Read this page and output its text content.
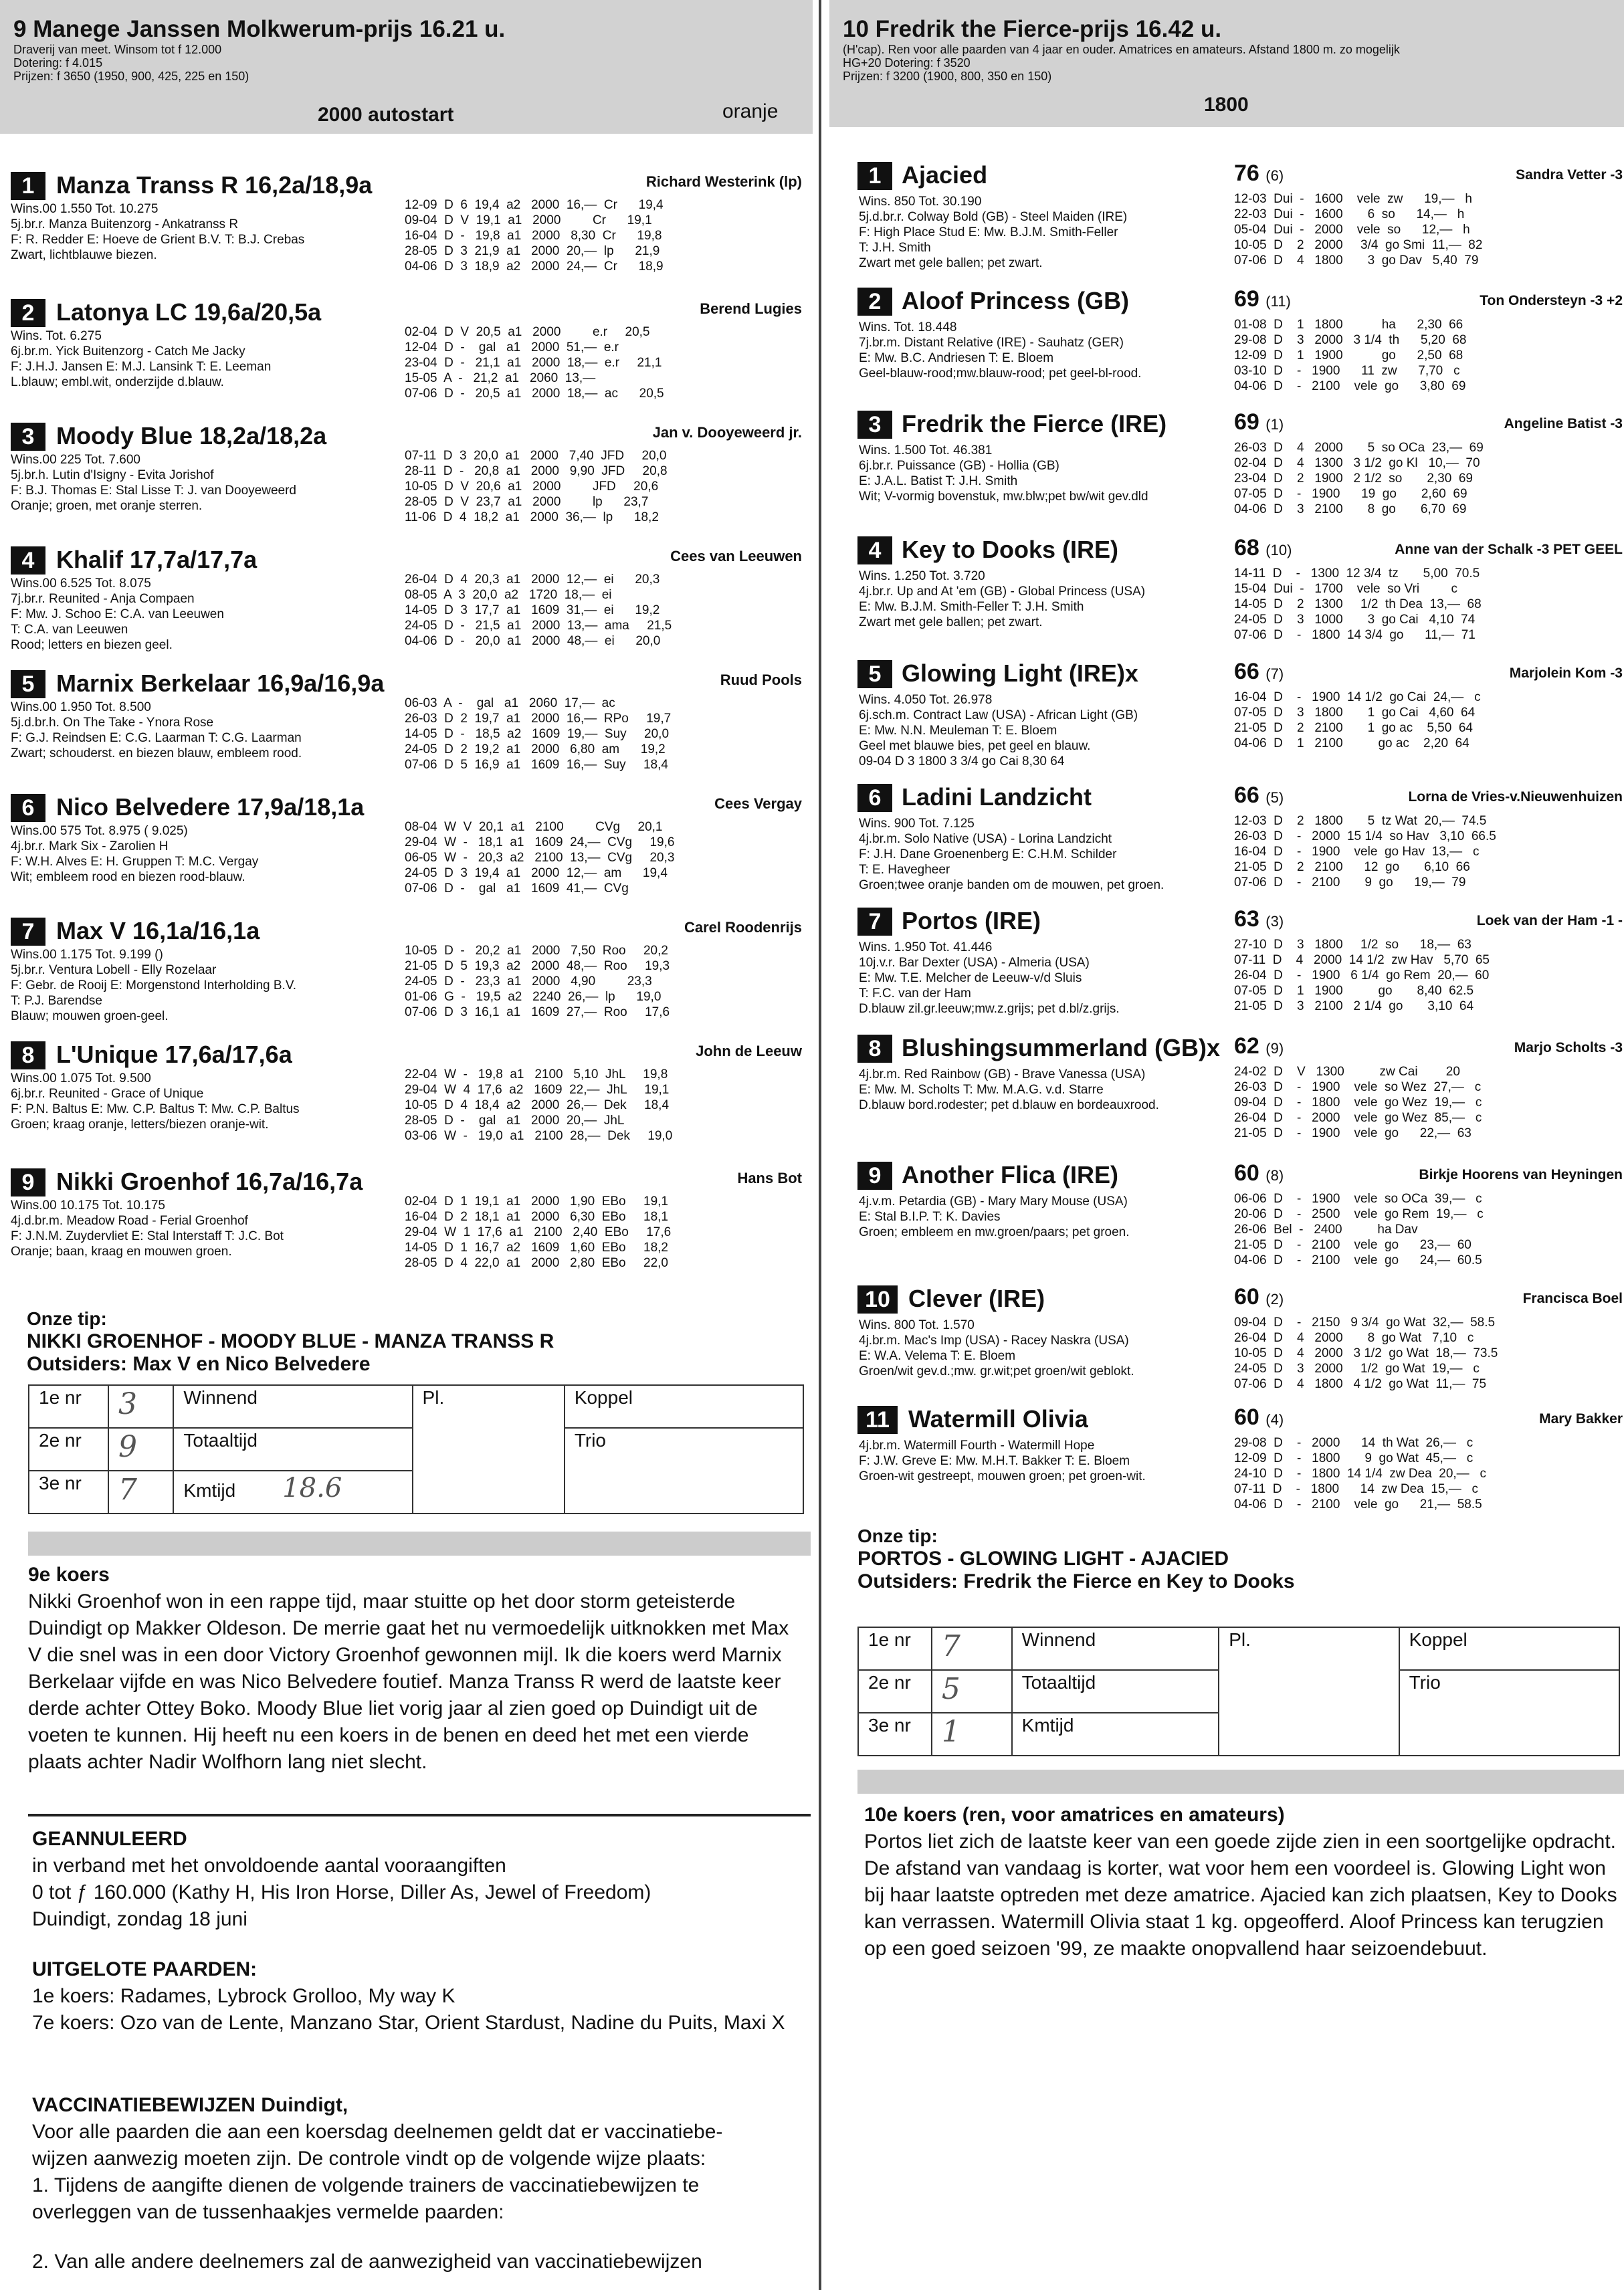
9 Manege Janssen Molkwerum-prijs 16.21 u.
Draverij van meet. Winsom tot f 12.000
Dotering: f 4.015
Prijzen: f 3650 (1950, 900, 425, 225 en 150)
2000 autostart	oranje
1 Manza Transs R 16,2a/18,9a	Richard Westerink (lp)
Wins.00 1.550 Tot. 10.275
5j.br.r. Manza Buitenzorg - Ankatranss R
F: R. Redder E: Hoeve de Grient B.V. T: B.J. Crebas
Zwart, lichtblauwe biezen.
12-09  D  6  19,4  a2   2000  16,—  Cr      19,4
09-04  D  V  19,1  a1   2000         Cr      19,1
16-04  D  -   19,8  a1   2000   8,30  Cr      19,8
28-05  D  3  21,9  a1   2000  20,—  lp      21,9
04-06  D  3  18,9  a2   2000  24,—  Cr      18,9
2 Latonya LC 19,6a/20,5a	Berend Lugies
Wins. Tot. 6.275
6j.br.m. Yick Buitenzorg - Catch Me Jacky
F: J.H.J. Jansen E: M.J. Lansink T: E. Leeman
L.blauw; embl.wit, onderzijde d.blauw.
02-04  D  V  20,5  a1   2000         e.r     20,5
12-04  D  -    gal   a1   2000  51,—  e.r
23-04  D  -   21,1  a1   2000  18,—  e.r     21,1
15-05  A  -   21,2  a1   2060  13,—
07-06  D  -   20,5  a1   2000  18,—  ac      20,5
3 Moody Blue 18,2a/18,2a	Jan v. Dooyeweerd jr.
Wins.00 225 Tot. 7.600
5j.br.h. Lutin d'Isigny - Evita Jorishof
F: B.J. Thomas E: Stal Lisse T: J. van Dooyeweerd
Oranje; groen, met oranje sterren.
07-11  D  3  20,0  a1   2000   7,40  JFD     20,0
28-11  D  -   20,8  a1   2000   9,90  JFD     20,8
10-05  D  V  20,6  a1   2000         JFD     20,6
28-05  D  V  23,7  a1   2000         lp      23,7
11-06  D  4  18,2  a1   2000  36,—  lp      18,2
4 Khalif 17,7a/17,7a	Cees van Leeuwen
Wins.00 6.525 Tot. 8.075
7j.br.r. Reunited - Anja Compaen
F: Mw. J. Schoo E: C.A. van Leeuwen
T: C.A. van Leeuwen
Rood; letters en biezen geel.
26-04  D  4  20,3  a1   2000  12,—  ei      20,3
08-05  A  3  20,0  a2   1720  18,—  ei
14-05  D  3  17,7  a1   1609  31,—  ei      19,2
24-05  D  -   21,5  a1   2000  13,—  ama     21,5
04-06  D  -   20,0  a1   2000  48,—  ei      20,0
5 Marnix Berkelaar 16,9a/16,9a	Ruud Pools
Wins.00 1.950 Tot. 8.500
5j.d.br.h. On The Take - Ynora Rose
F: G.J. Reindsen E: C.G. Laarman T: C.G. Laarman
Zwart; schouderst. en biezen blauw, embleem rood.
06-03  A  -    gal   a1   2060  17,—  ac
26-03  D  2  19,7  a1   2000  16,—  RPo     19,7
14-05  D  -   18,5  a2   1609  19,—  Suy     20,0
24-05  D  2  19,2  a1   2000   6,80  am      19,2
07-06  D  5  16,9  a1   1609  16,—  Suy     18,4
6 Nico Belvedere 17,9a/18,1a	Cees Vergay
Wins.00 575 Tot. 8.975 ( 9.025)
4j.br.r. Mark Six - Zarolien H
F: W.H. Alves E: H. Gruppen T: M.C. Vergay
Wit; embleem rood en biezen rood-blauw.
08-04  W  V  20,1  a1   2100         CVg     20,1
29-04  W  -   18,1  a1   1609  24,—  CVg     19,6
06-05  W  -   20,3  a2   2100  13,—  CVg     20,3
24-05  D  3  19,4  a1   2000  12,—  am      19,4
07-06  D  -    gal   a1   1609  41,—  CVg
7 Max V 16,1a/16,1a	Carel Roodenrijs
Wins.00 1.175 Tot. 9.199 ()
5j.br.r. Ventura Lobell - Elly Rozelaar
F: Gebr. de Rooij E: Morgenstond Interholding B.V.
T: P.J. Barendse
Blauw; mouwen groen-geel.
10-05  D  -   20,2  a1   2000   7,50  Roo     20,2
21-05  D  5  19,3  a2   2000  48,—  Roo     19,3
24-05  D  -   23,3  a1   2000   4,90         23,3
01-06  G  -   19,5  a2   2240  26,—  lp      19,0
07-06  D  3  16,1  a1   1609  27,—  Roo     17,6
8 L'Unique 17,6a/17,6a	John de Leeuw
Wins.00 1.075 Tot. 9.500
6j.br.r. Reunited - Grace of Unique
F: P.N. Baltus E: Mw. C.P. Baltus T: Mw. C.P. Baltus
Groen; kraag oranje, letters/biezen oranje-wit.
22-04  W  -   19,8  a1   2100   5,10  JhL     19,8
29-04  W  4  17,6  a2   1609  22,—  JhL     19,1
10-05  D  4  18,4  a2   2000  26,—  Dek     18,4
28-05  D  -    gal   a1   2000  20,—  JhL
03-06  W  -   19,0  a1   2100  28,—  Dek     19,0
9 Nikki Groenhof 16,7a/16,7a	Hans Bot
Wins.00 10.175 Tot. 10.175
4j.d.br.m. Meadow Road - Ferial Groenhof
F: J.N.M. Zuydervliet E: Stal Interstaff T: J.C. Bot
Oranje; baan, kraag en mouwen groen.
02-04  D  1  19,1  a1   2000   1,90  EBo     19,1
16-04  D  2  18,1  a1   2000   6,30  EBo     18,1
29-04  W  1  17,6  a1   2100   2,40  EBo     17,6
14-05  D  1  16,7  a2   1609   1,60  EBo     18,2
28-05  D  4  22,0  a1   2000   2,80  EBo     22,0
Onze tip:
NIKKI GROENHOF - MOODY BLUE - MANZA TRANSS R
Outsiders: Max V en Nico Belvedere
1e nr	3	Winnend	Pl.	Koppel
2e nr	9	Totaaltijd		Trio
3e nr	7	Kmtijd 18.6		
9e koers
Nikki Groenhof won in een rappe tijd, maar stuitte op het door storm geteisterde Duindigt op Makker Oldeson. De merrie gaat het nu vermoedelijk uitknokken met Max V die snel was in een door Victory Groenhof gewonnen mijl. Ik die koers werd Marnix Berkelaar vijfde en was Nico Belvedere foutief. Manza Transs R werd de laatste keer derde achter Ottey Boko. Moody Blue liet vorig jaar al zien goed op Duindigt uit de voeten te kunnen. Hij heeft nu een koers in de benen en deed het met een vierde plaats achter Nadir Wolfhorn lang niet slecht.
GEANNULEERD
in verband met het onvoldoende aantal vooraangiften
0 tot ƒ 160.000 (Kathy H, His Iron Horse, Diller As, Jewel of Freedom)
Duindigt, zondag 18 juni
UITGELOTE PAARDEN:
1e koers: Radames, Lybrock Grolloo, My way K
7e koers: Ozo van de Lente, Manzano Star, Orient Stardust, Nadine du Puits, Maxi X
VACCINATIEBEWIJZEN Duindigt,
Voor alle paarden die aan een koersdag deelnemen geldt dat er vaccinatiebe-
wijzen aanwezig moeten zijn. De controle vindt op de volgende wijze plaats:
1. Tijdens de aangifte dienen de volgende trainers de vaccinatiebewijzen te
overleggen van de tussenhaakjes vermelde paarden:
2. Van alle andere deelnemers zal de aanwezigheid van vaccinatiebewijzen
10 Fredrik the Fierce-prijs 16.42 u.
(H'cap). Ren voor alle paarden van 4 jaar en ouder. Amatrices en amateurs. Afstand 1800 m. zo mogelijk
HG+20 Dotering: f 3520
Prijzen: f 3200 (1900, 800, 350 en 150)
1800
1 Ajacied	76 (6)	Sandra Vetter -3
Wins. 850 Tot. 30.190
5j.d.br.r. Colway Bold (GB) - Steel Maiden (IRE)
F: High Place Stud E: Mw. B.J.M. Smith-Feller
T: J.H. Smith
Zwart met gele ballen; pet zwart.
12-03  Dui  -   1600    vele  zw      19,—   h
22-03  Dui  -   1600       6  so      14,—   h
05-04  Dui  -   2000    vele  so      12,—   h
10-05  D    2   2000     3/4  go Smi  11,—  82
07-06  D    4   1800       3  go Dav   5,40  79
2 Aloof Princess (GB)	69 (11)	Ton Ondersteyn -3 +2
Wins. Tot. 18.448
7j.br.m. Distant Relative (IRE) - Sauhatz (GER)
E: Mw. B.C. Andriesen T: E. Bloem
Geel-blauw-rood;mw.blauw-rood; pet geel-bl-rood.
01-08  D    1   1800           ha      2,30  66
29-08  D    3   2000   3 1/4  th      5,20  68
12-09  D    1   1900           go      2,50  68
03-10  D    -   1900      11  zw      7,70   c
04-06  D    -   2100    vele  go      3,80  69
3 Fredrik the Fierce (IRE)	69 (1)	Angeline Batist -3
Wins. 1.500 Tot. 46.381
6j.br.r. Puissance (GB) - Hollia (GB)
E: J.A.L. Batist T: J.H. Smith
Wit; V-vormig bovenstuk, mw.blw;pet bw/wit gev.dld
26-03  D    4   2000       5  so OCa  23,—  69
02-04  D    4   1300   3 1/2  go Kl   10,—  70
23-04  D    2   1900   2 1/2  so       2,30  69
07-05  D    -   1900      19  go       2,60  69
04-06  D    3   2100       8  go       6,70  69
4 Key to Dooks (IRE)	68 (10)	Anne van der Schalk -3 PET GEEL
Wins. 1.250 Tot. 3.720
4j.br.r. Up and At 'em (GB) - Global Princess (USA)
E: Mw. B.J.M. Smith-Feller T: J.H. Smith
Zwart met gele ballen; pet zwart.
14-11  D    -   1300  12 3/4  tz       5,00  70.5
15-04  Dui  -   1700    vele  so Vri         c
14-05  D    2   1300     1/2  th Dea  13,—  68
24-05  D    3   1000       3  go Cai   4,10  74
07-06  D    -   1800  14 3/4  go      11,—  71
5 Glowing Light (IRE)x	66 (7)	Marjolein Kom -3
Wins. 4.050 Tot. 26.978
6j.sch.m. Contract Law (USA) - African Light (GB)
E: Mw. N.N. Meuleman T: E. Bloem
Geel met blauwe bies, pet geel en blauw.
09-04 D 3 1800 3 3/4 go Cai 8,30 64
16-04  D    -   1900  14 1/2  go Cai  24,—   c
07-05  D    3   1800       1  go Cai   4,60  64
21-05  D    2   2100       1  go ac    5,50  64
04-06  D    1   2100          go ac    2,20  64
6 Ladini Landzicht	66 (5)	Lorna de Vries-v.Nieuwenhuizen
Wins. 900 Tot. 7.125
4j.br.m. Solo Native (USA) - Lorina Landzicht
F: J.H. Dane Groenenberg E: C.H.M. Schilder
T: E. Havegheer
Groen;twee oranje banden om de mouwen, pet groen.
12-03  D    2   1800       5  tz Wat  20,—  74.5
26-03  D    -   2000  15 1/4  so Hav   3,10  66.5
16-04  D    -   1900    vele  go Hav  13,—   c
21-05  D    2   2100      12  go       6,10  66
07-06  D    -   2100       9  go      19,—  79
7 Portos (IRE)	63 (3)	Loek van der Ham -1 -
Wins. 1.950 Tot. 41.446
10j.v.r. Bar Dexter (USA) - Almeria (USA)
E: Mw. T.E. Melcher de Leeuw-v/d Sluis
T: F.C. van der Ham
D.blauw zil.gr.leeuw;mw.z.grijs; pet d.bl/z.grijs.
27-10  D    3   1800     1/2  so      18,—  63
07-11  D    4   2000  14 1/2  zw Hav   5,70  65
26-04  D    -   1900   6 1/4  go Rem  20,—  60
07-05  D    1   1900          go       8,40  62.5
21-05  D    3   2100   2 1/4  go       3,10  64
8 Blushingsummerland (GB)x 62 (9)	Marjo Scholts -3
4j.br.m. Red Rainbow (GB) - Brave Vanessa (USA)
E: Mw. M. Scholts T: Mw. M.A.G. v.d. Starre
D.blauw bord.rodester; pet d.blauw en bordeauxrood.
24-02  D    V   1300          zw Cai        20
26-03  D    -   1900    vele  so Wez  27,—   c
09-04  D    -   1800    vele  go Wez  19,—   c
26-04  D    -   2000    vele  go Wez  85,—   c
21-05  D    -   1900    vele  go      22,—  63
9 Another Flica (IRE)	60 (8)	Birkje Hoorens van Heyningen
4j.v.m. Petardia (GB) - Mary Mary Mouse (USA)
E: Stal B.I.P. T: K. Davies
Groen; embleem en mw.groen/paars; pet groen.
06-06  D    -   1900    vele  so OCa  39,—   c
20-06  D    -   2500    vele  go Rem  19,—   c
26-06  Bel  -   2400          ha Dav
21-05  D    -   2100    vele  go      23,—  60
04-06  D    -   2100    vele  go      24,—  60.5
10 Clever (IRE)	60 (2)	Francisca Boel
Wins. 800 Tot. 1.570
4j.br.m. Mac's Imp (USA) - Racey Naskra (USA)
E: W.A. Velema T: E. Bloem
Groen/wit gev.d.;mw. gr.wit;pet groen/wit geblokt.
09-04  D    -   2150   9 3/4  go Wat  32,—  58.5
26-04  D    4   2000       8  go Wat   7,10   c
10-05  D    4   2000   3 1/2  go Wat  18,—  73.5
24-05  D    3   2000     1/2  go Wat  19,—   c
07-06  D    4   1800   4 1/2  go Wat  11,—  75
11 Watermill Olivia	60 (4)	Mary Bakker
4j.br.m. Watermill Fourth - Watermill Hope
F: J.W. Greve E: Mw. M.H.T. Bakker T: E. Bloem
Groen-wit gestreept, mouwen groen; pet groen-wit.
29-08  D    -   2000      14  th Wat  26,—   c
12-09  D    -   1800       9  go Wat  45,—   c
24-10  D    -   1800  14 1/4  zw Dea  20,—   c
07-11  D    -   1800      14  zw Dea  15,—   c
04-06  D    -   2100    vele  go      21,—  58.5
Onze tip:
PORTOS - GLOWING LIGHT - AJACIED
Outsiders: Fredrik the Fierce en Key to Dooks
1e nr	7	Winnend	Pl.	Koppel
2e nr	5	Totaaltijd		Trio
3e nr	1	Kmtijd		
10e koers (ren, voor amatrices en amateurs)
Portos liet zich de laatste keer van een goede zijde zien in een soortgelijke opdracht. De afstand van vandaag is korter, wat voor hem een voordeel is. Glowing Light won bij haar laatste optreden met deze amatrice. Ajacied kan zich plaatsen, Key to Dooks kan verrassen. Watermill Olivia staat 1 kg. opgeofferd. Aloof Princess kan terugzien op een goed seizoen '99, ze maakte onopvallend haar seizoendebuut.
